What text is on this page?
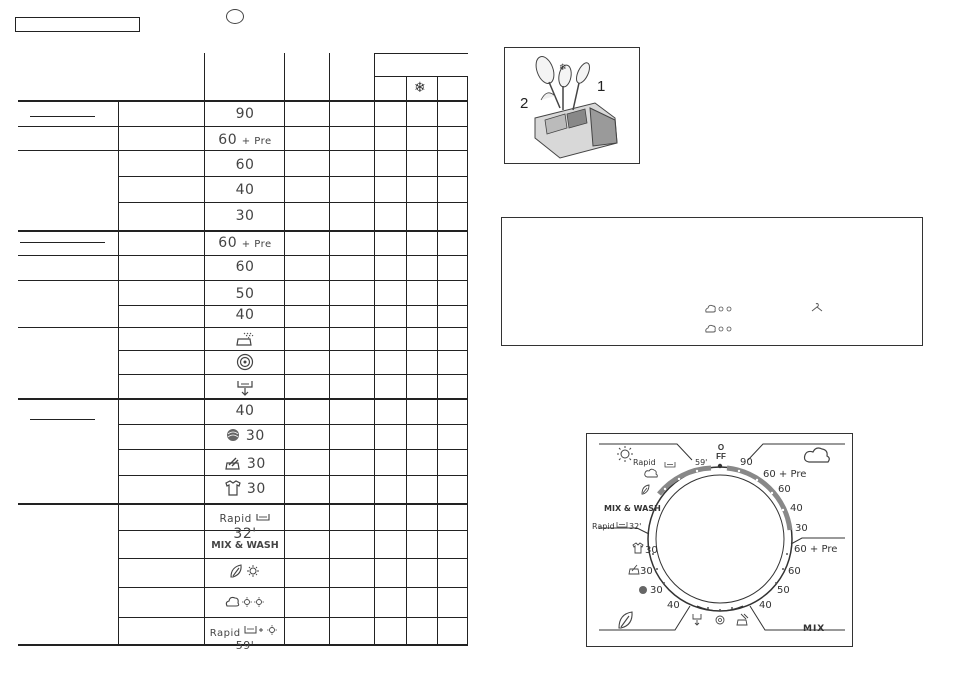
❄
90
60 + Pre
60
40
30
60 + Pre
60
50
40
40
30
30
30
Rapid  32'
MIX & WASH
Rapid  59'
❄
1
2
OFF
Rapid	59'
MIX & WASH
Rapid 32'
30
30
30
40
90
60 + Pre
60
40
30
60 + Pre
60
50
40
MIX
